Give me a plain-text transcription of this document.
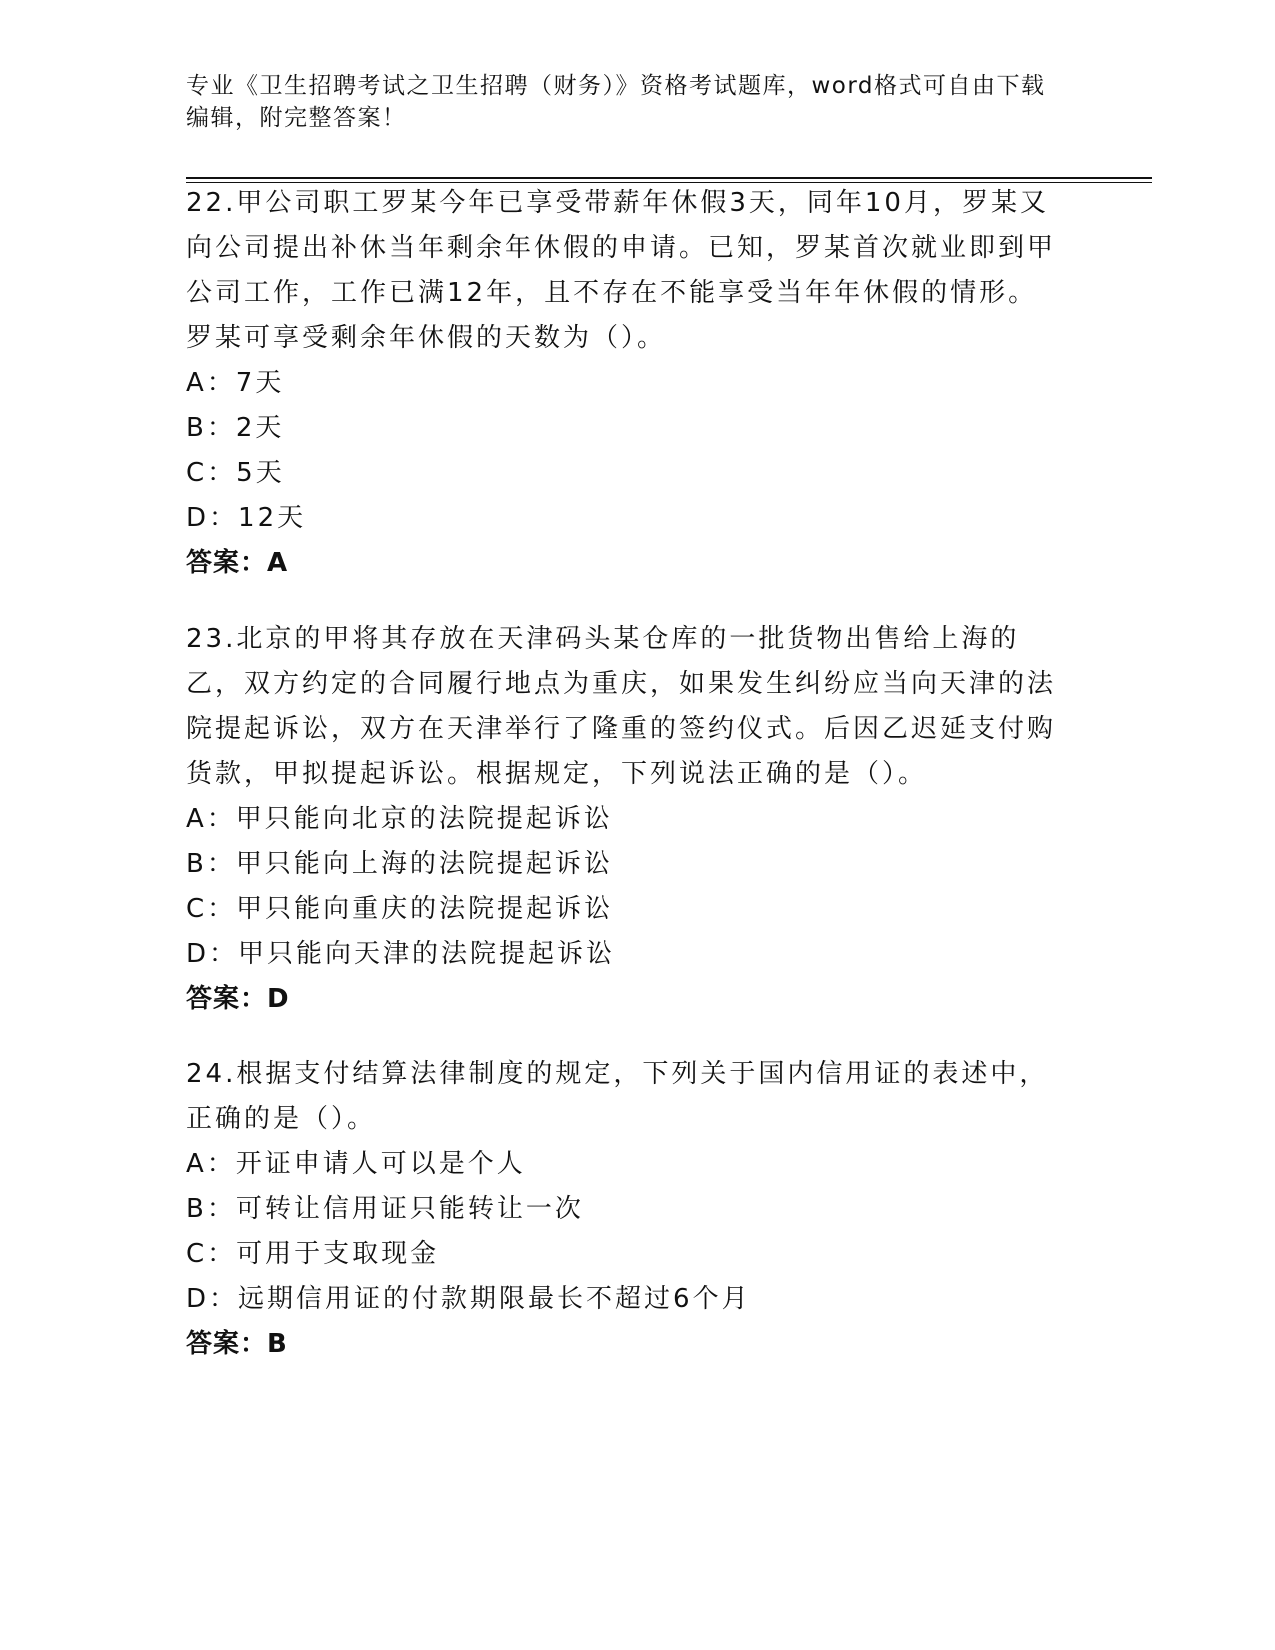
专业《卫生招聘考试之卫生招聘（财务）》资格考试题库，word格式可自由下载编辑，附完整答案！

22.甲公司职工罗某今年已享受带薪年休假3天，同年10月，罗某又向公司提出补休当年剩余年休假的申请。已知，罗某首次就业即到甲公司工作，工作已满12年，且不存在不能享受当年年休假的情形。罗某可享受剩余年休假的天数为（）。

A：7天

B：2天

C：5天

D：12天

答案：A

23.北京的甲将其存放在天津码头某仓库的一批货物出售给上海的乙，双方约定的合同履行地点为重庆，如果发生纠纷应当向天津的法院提起诉讼，双方在天津举行了隆重的签约仪式。后因乙迟延支付购货款，甲拟提起诉讼。根据规定，下列说法正确的是（）。

A：甲只能向北京的法院提起诉讼

B：甲只能向上海的法院提起诉讼

C：甲只能向重庆的法院提起诉讼

D：甲只能向天津的法院提起诉讼

答案：D

24.根据支付结算法律制度的规定，下列关于国内信用证的表述中，正确的是（）。

A：开证申请人可以是个人

B：可转让信用证只能转让一次

C：可用于支取现金

D：远期信用证的付款期限最长不超过6个月

答案：B
